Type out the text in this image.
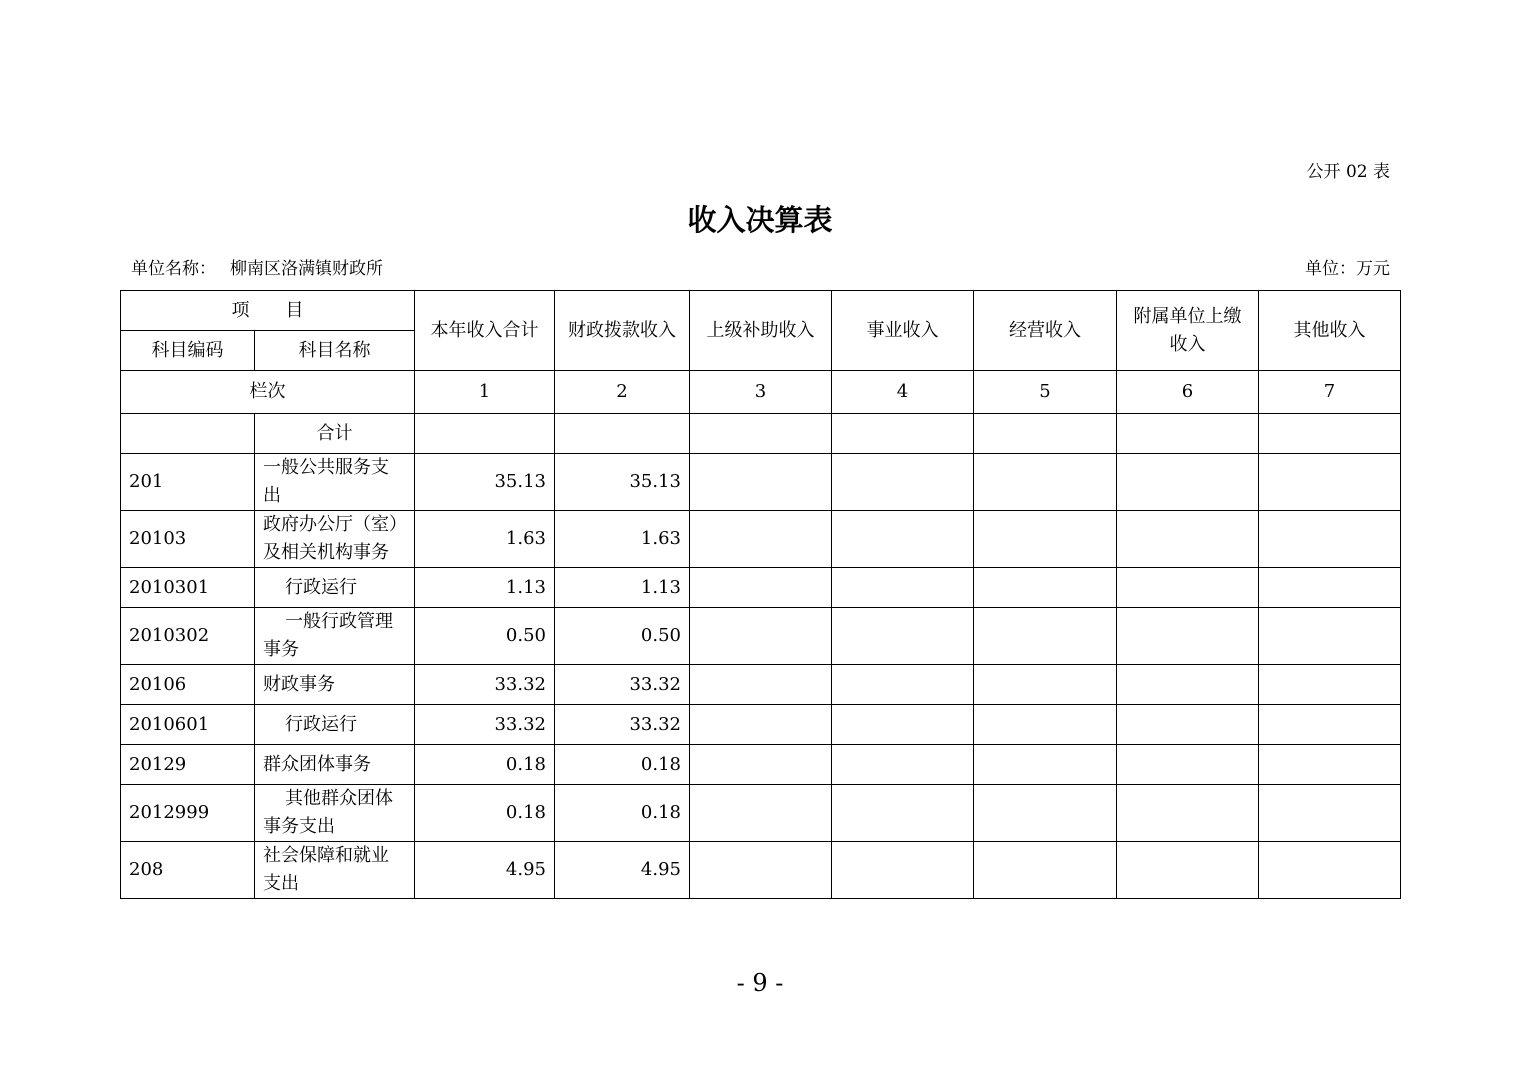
公开 02 表
收入决算表
单位名称： 柳南区洛满镇财政所	单位：万元
项　　目		本年收入合计	财政拨款收入	上级补助收入	事业收入	经营收入	附属单位上缴收入	其他收入
科目编码	科目名称							
栏次		1	2	3	4	5	6	7
	合计							
201	一般公共服务支出	35.13	35.13					
20103	政府办公厅（室）及相关机构事务	1.63	1.63					
2010301	行政运行	1.13	1.13					
2010302	一般行政管理事务	0.50	0.50					
20106	财政事务	33.32	33.32					
2010601	行政运行	33.32	33.32					
20129	群众团体事务	0.18	0.18					
2012999	其他群众团体事务支出	0.18	0.18					
208	社会保障和就业支出	4.95	4.95					
- 9 -
